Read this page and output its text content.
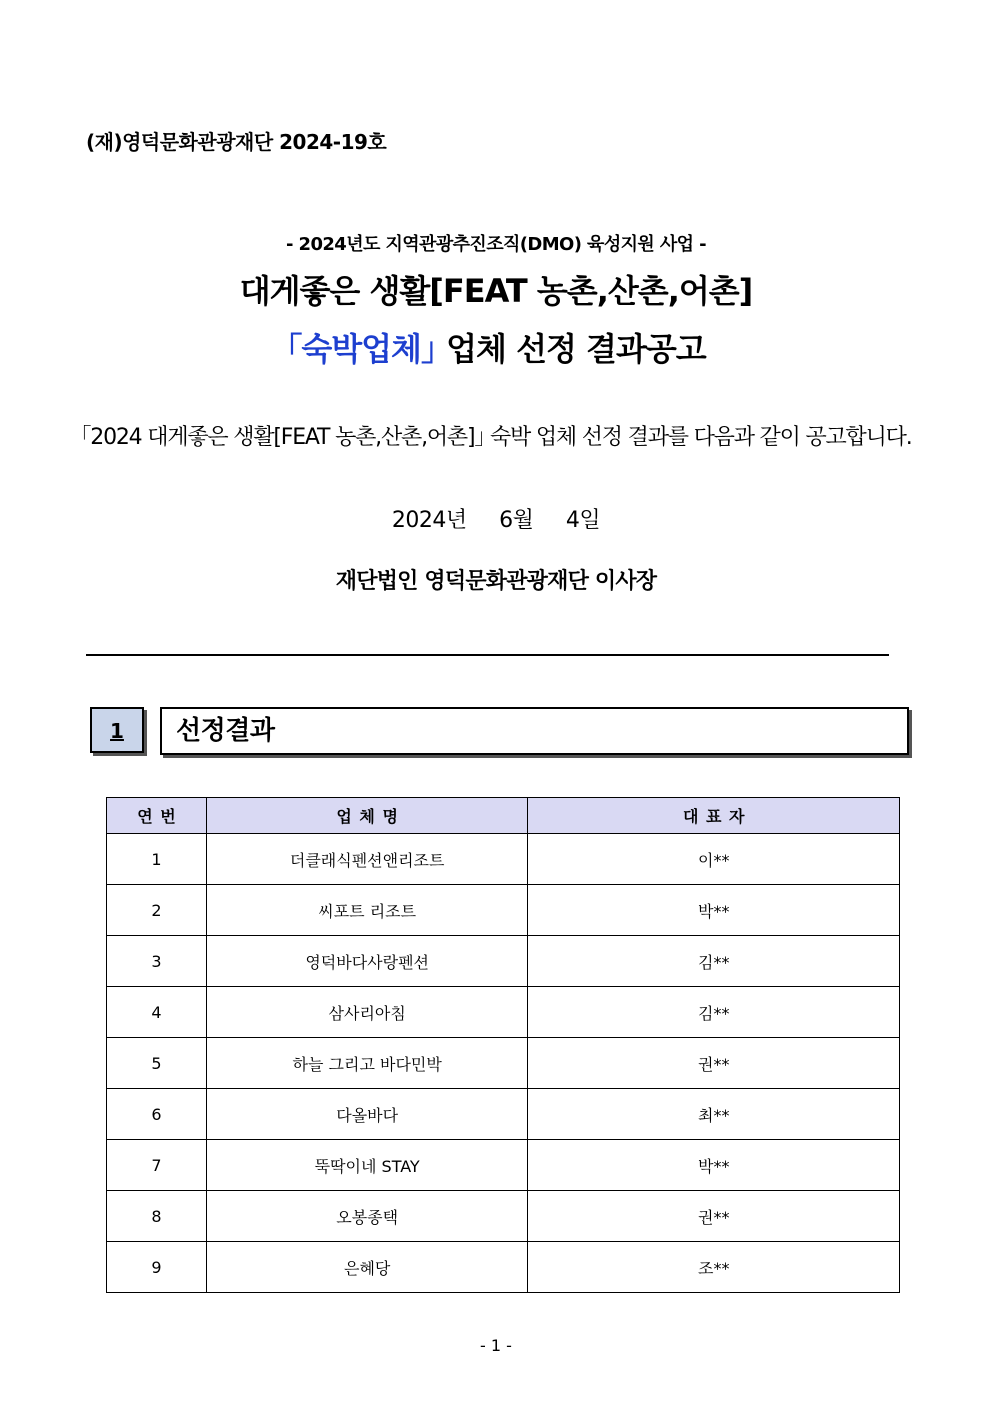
(재)영덕문화관광재단 2024-19호
- 2024년도 지역관광추진조직(DMO) 육성지원 사업 -
대게좋은 생활[FEAT 농촌,산촌,어촌]
｢숙박업체｣ 업체 선정 결과공고
｢2024 대게좋은 생활[FEAT 농촌,산촌,어촌]｣ 숙박 업체 선정 결과를 다음과 같이 공고합니다.
2024년     6월     4일
재단법인 영덕문화관광재단 이사장
1	선정결과
연 번	업 체 명	대 표 자
1	더클래식펜션앤리조트	이**
2	씨포트 리조트	박**
3	영덕바다사랑펜션	김**
4	삼사리아침	김**
5	하늘 그리고 바다민박	권**
6	다올바다	최**
7	뚝딱이네 STAY	박**
8	오봉종택	권**
9	은혜당	조**
- 1 -
